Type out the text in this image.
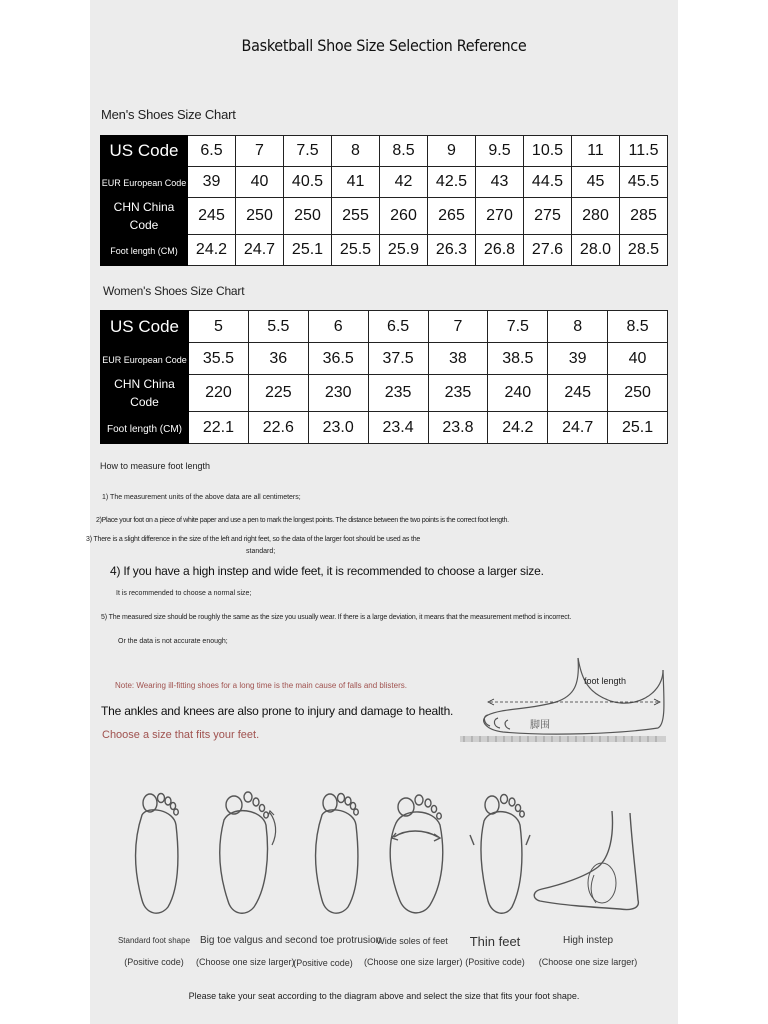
Basketball Shoe Size Selection Reference
Men's Shoes Size Chart
US Code	6.5	7	7.5	8	8.5	9	9.5	10.5	11	11.5
EUR European Code	39	40	40.5	41	42	42.5	43	44.5	45	45.5
CHN China Code	245	250	250	255	260	265	270	275	280	285
Foot length (CM)	24.2	24.7	25.1	25.5	25.9	26.3	26.8	27.6	28.0	28.5
Women's Shoes Size Chart
US Code	5	5.5	6	6.5	7	7.5	8	8.5
EUR European Code	35.5	36	36.5	37.5	38	38.5	39	40
CHN China Code	220	225	230	235	235	240	245	250
Foot length (CM)	22.1	22.6	23.0	23.4	23.8	24.2	24.7	25.1
How to measure foot length
1) The measurement units of the above data are all centimeters;
2)Place your foot on a piece of white paper and use a pen to mark the longest points. The distance between the two points is the correct foot length.
3) There is a slight difference in the size of the left and right feet, so the data of the larger foot should be used as the
standard;
4) If you have a high instep and wide feet, it is recommended to choose a larger size.
It is recommended to choose a normal size;
5) The measured size should be roughly the same as the size you usually wear. If there is a large deviation, it means that the measurement method is incorrect.
Or the data is not accurate enough;
Note: Wearing ill-fitting shoes for a long time is the main cause of falls and blisters.
The ankles and knees are also prone to injury and damage to health.
Choose a size that fits your feet.
foot length
脚围
Standard foot shape
(Positive code)
Big toe valgus and second toe protrusion
(Choose one size larger)
(Positive code)
Wide soles of feet
(Choose one size larger)
Thin feet
(Positive code)
High instep
(Choose one size larger)
Please take your seat according to the diagram above and select the size that fits your foot shape.
